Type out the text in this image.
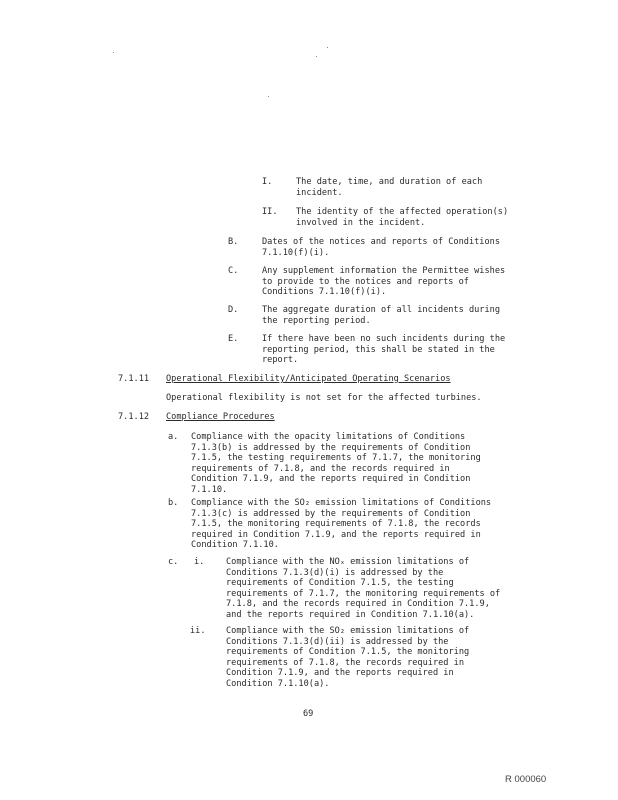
I.	The date, time, and duration of each
incident.
II. The identity of the affected operation(s)
involved in the incident.
B.	Dates of the notices and reports of Conditions
7.1.10(f)(i).
C.	Any supplement information the Permittee wishes
to provide to the notices and reports of
Conditions 7.1.10(f)(i).
D.	The aggregate duration of all incidents during
the reporting period.
E.	If there have been no such incidents during the
reporting period, this shall be stated in the
report.
7.1.11 Operational Flexibility/Anticipated Operating Scenarios
Operational flexibility is not set for the affected turbines.
7.1.12 Compliance Procedures
a. Compliance with the opacity limitations of Conditions
7.1.3(b) is addressed by the requirements of Condition
7.1.5, the testing requirements of 7.1.7, the monitoring
requirements of 7.1.8, and the records required in
Condition 7.1.9, and the reports required in Condition
7.1.10.
b. Compliance with the SO₂ emission limitations of Conditions
7.1.3(c) is addressed by the requirements of Condition
7.1.5, the monitoring requirements of 7.1.8, the records
required in Condition 7.1.9, and the reports required in
Condition 7.1.10.
c. i.	Compliance with the NOₓ emission limitations of
Conditions 7.1.3(d)(i) is addressed by the
requirements of Condition 7.1.5, the testing
requirements of 7.1.7, the monitoring requirements of
7.1.8, and the records required in Condition 7.1.9,
and the reports required in Condition 7.1.10(a).
ii. Compliance with the SO₂ emission limitations of
Conditions 7.1.3(d)(ii) is addressed by the
requirements of Condition 7.1.5, the monitoring
requirements of 7.1.8, the records required in
Condition 7.1.9, and the reports required in
Condition 7.1.10(a).
69
R 000060
